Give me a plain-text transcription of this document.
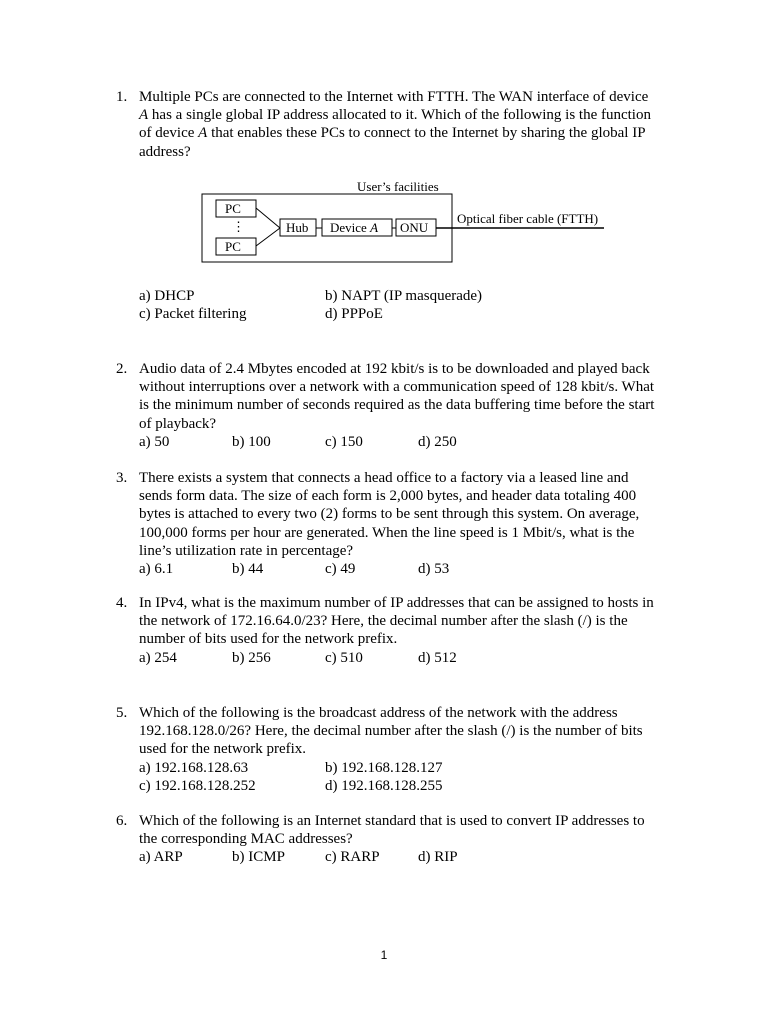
1. Multiple PCs are connected to the Internet with FTTH. The WAN interface of device

A has a single global IP address allocated to it. Which of the following is the function

of device A that enables these PCs to connect to the Internet by sharing the global IP

address?

User’s facilities
PC
⋮
PC
Hub Device A ONU
Optical fiber cable (FTTH)
a) DHCP	b) NAPT (IP masquerade)
c) Packet filtering	d) PPPoE
2. Audio data of 2.4 Mbytes encoded at 192 kbit/s is to be downloaded and played back

without interruptions over a network with a communication speed of 128 kbit/s. What

is the minimum number of seconds required as the data buffering time before the start

of playback?

a) 50	b) 100	c) 150	d) 250
3. There exists a system that connects a head office to a factory via a leased line and

sends form data. The size of each form is 2,000 bytes, and header data totaling 400

bytes is attached to every two (2) forms to be sent through this system. On average,

100,000 forms per hour are generated. When the line speed is 1 Mbit/s, what is the

line’s utilization rate in percentage?

a) 6.1	b) 44	c) 49	d) 53
4. In IPv4, what is the maximum number of IP addresses that can be assigned to hosts in

the network of 172.16.64.0/23? Here, the decimal number after the slash (/) is the

number of bits used for the network prefix.

a) 254	b) 256	c) 510	d) 512
5. Which of the following is the broadcast address of the network with the address

192.168.128.0/26? Here, the decimal number after the slash (/) is the number of bits

used for the network prefix.

a) 192.168.128.63	b) 192.168.128.127
c) 192.168.128.252	d) 192.168.128.255
6. Which of the following is an Internet standard that is used to convert IP addresses to

the corresponding MAC addresses?

a) ARP	b) ICMP	c) RARP	d) RIP
1
